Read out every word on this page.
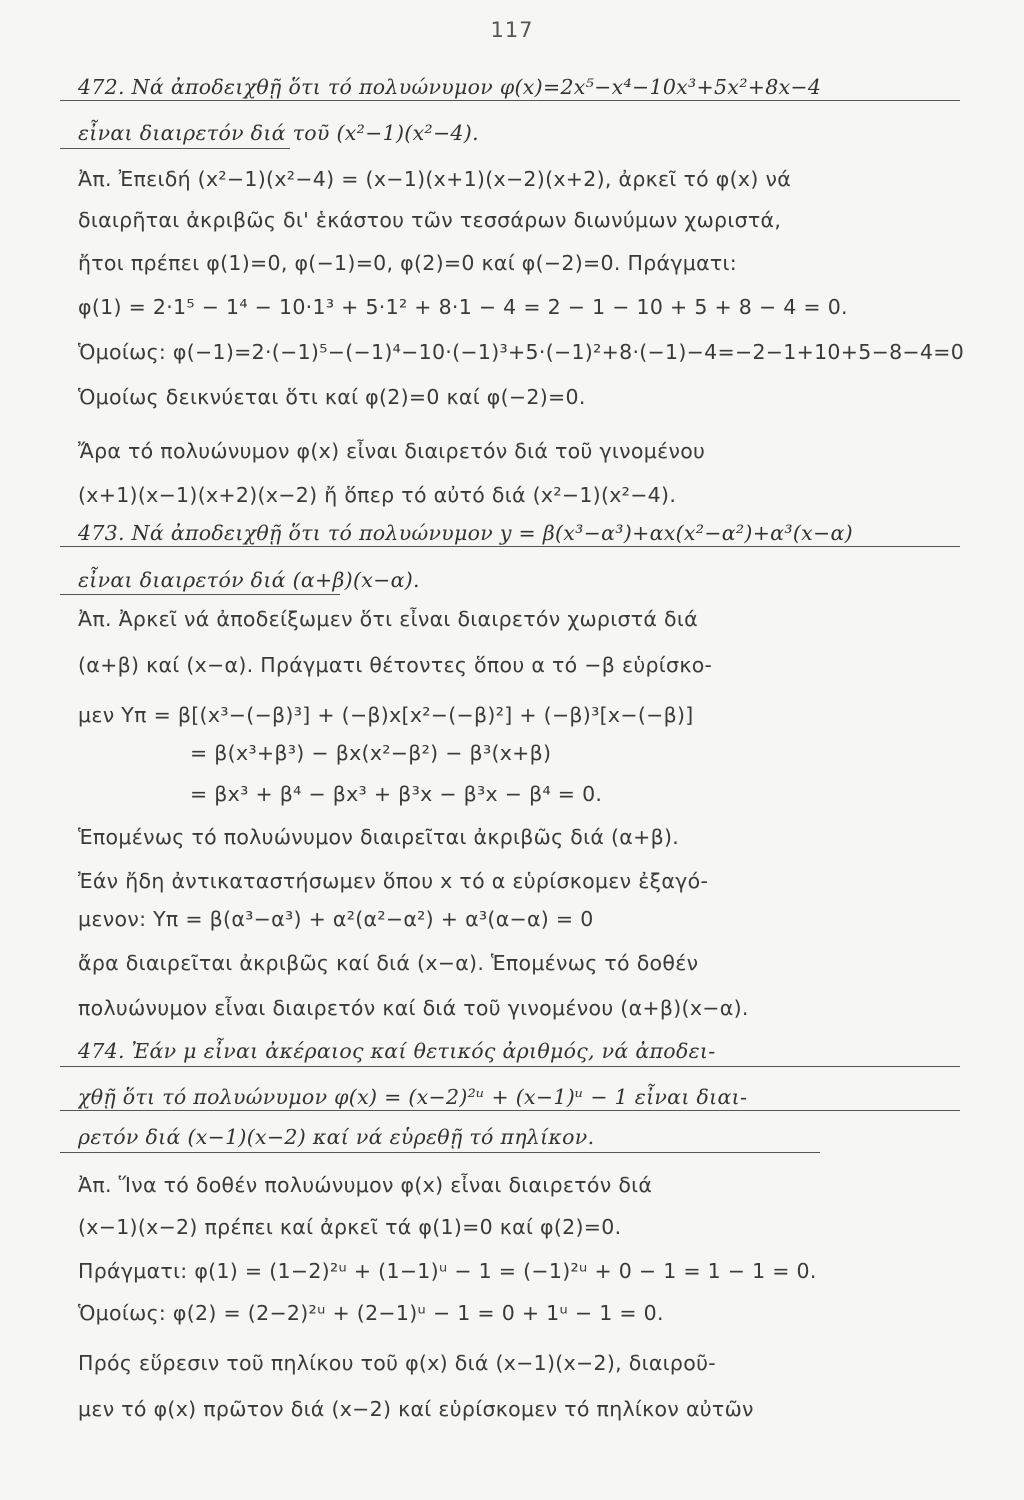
117
472. Νά ἀποδειχθῇ ὅτι τό πολυώνυμον φ(x)=2x⁵−x⁴−10x³+5x²+8x−4
εἶναι διαιρετόν διά τοῦ (x²−1)(x²−4).
Ἀπ. Ἐπειδή (x²−1)(x²−4) = (x−1)(x+1)(x−2)(x+2), ἀρκεῖ τό φ(x) νά
διαιρῆται ἀκριβῶς δι' ἑκάστου τῶν τεσσάρων διωνύμων χωριστά,
ἤτοι πρέπει φ(1)=0, φ(−1)=0, φ(2)=0 καί φ(−2)=0. Πράγματι:
φ(1) = 2·1⁵ − 1⁴ − 10·1³ + 5·1² + 8·1 − 4 = 2 − 1 − 10 + 5 + 8 − 4 = 0.
Ὁμοίως: φ(−1)=2·(−1)⁵−(−1)⁴−10·(−1)³+5·(−1)²+8·(−1)−4=−2−1+10+5−8−4=0
Ὁμοίως δεικνύεται ὅτι καί φ(2)=0 καί φ(−2)=0.
Ἄρα τό πολυώνυμον φ(x) εἶναι διαιρετόν διά τοῦ γινομένου
(x+1)(x−1)(x+2)(x−2) ἤ ὅπερ τό αὐτό διά (x²−1)(x²−4).
473. Νά ἀποδειχθῇ ὅτι τό πολυώνυμον y = β(x³−α³)+αx(x²−α²)+α³(x−α)
εἶναι διαιρετόν διά (α+β)(x−α).
Ἀπ. Ἀρκεῖ νά ἀποδείξωμεν ὅτι εἶναι διαιρετόν χωριστά διά
(α+β) καί (x−α). Πράγματι θέτοντες ὅπου α τό −β εὑρίσκο-
μεν Yπ = β[(x³−(−β)³] + (−β)x[x²−(−β)²] + (−β)³[x−(−β)]
= β(x³+β³) − βx(x²−β²) − β³(x+β)
= βx³ + β⁴ − βx³ + β³x − β³x − β⁴ = 0.
Ἑπομένως τό πολυώνυμον διαιρεῖται ἀκριβῶς διά (α+β).
Ἐάν ἤδη ἀντικαταστήσωμεν ὅπου x τό α εὑρίσκομεν ἐξαγό-
μενον: Yπ = β(α³−α³) + α²(α²−α²) + α³(α−α) = 0
ἄρα διαιρεῖται ἀκριβῶς καί διά (x−α). Ἑπομένως τό δοθέν
πολυώνυμον εἶναι διαιρετόν καί διά τοῦ γινομένου (α+β)(x−α).
474. Ἐάν μ εἶναι ἀκέραιος καί θετικός ἀριθμός, νά ἀποδει-
χθῇ ὅτι τό πολυώνυμον φ(x) = (x−2)²ᵘ + (x−1)ᵘ − 1 εἶναι διαι-
ρετόν διά (x−1)(x−2) καί νά εὑρεθῇ τό πηλίκον.
Ἀπ. Ἵνα τό δοθέν πολυώνυμον φ(x) εἶναι διαιρετόν διά
(x−1)(x−2) πρέπει καί ἀρκεῖ τά φ(1)=0 καί φ(2)=0.
Πράγματι: φ(1) = (1−2)²ᵘ + (1−1)ᵘ − 1 = (−1)²ᵘ + 0 − 1 = 1 − 1 = 0.
Ὁμοίως: φ(2) = (2−2)²ᵘ + (2−1)ᵘ − 1 = 0 + 1ᵘ − 1 = 0.
Πρός εὕρεσιν τοῦ πηλίκου τοῦ φ(x) διά (x−1)(x−2), διαιροῦ-
μεν τό φ(x) πρῶτον διά (x−2) καί εὑρίσκομεν τό πηλίκον αὐτῶν
